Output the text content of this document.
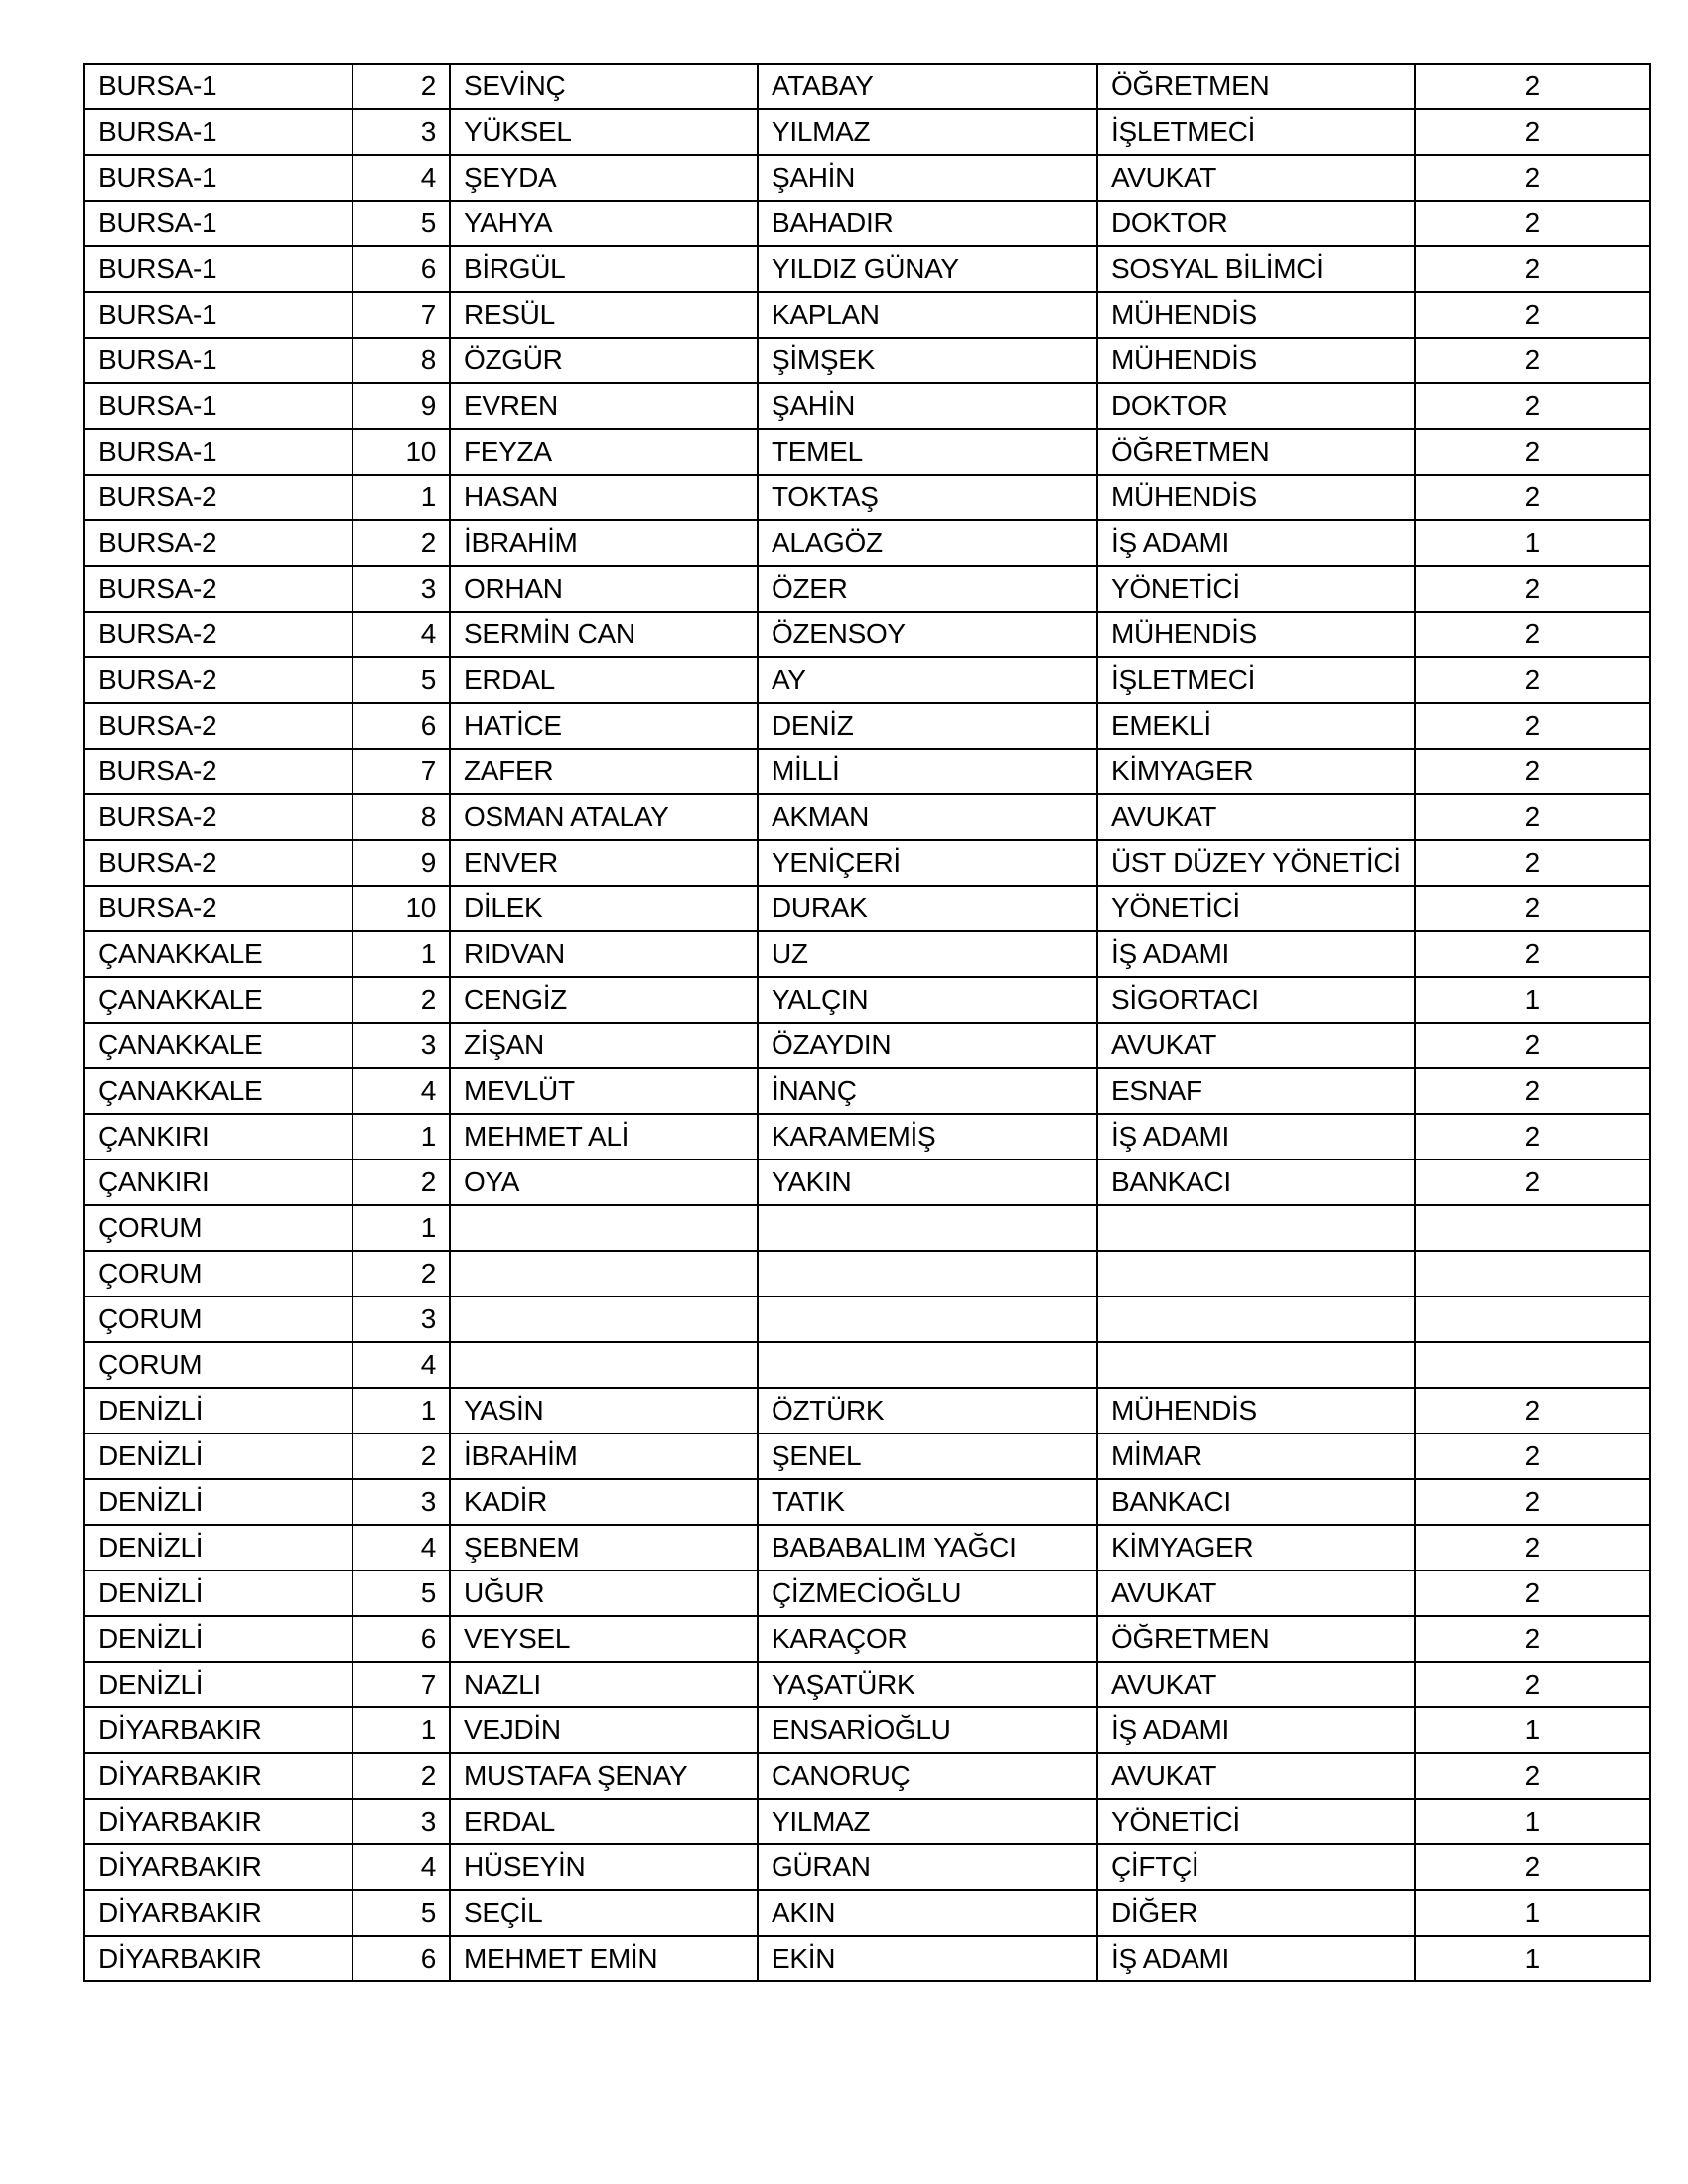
BURSA-1	2	SEVİNÇ	ATABAY	ÖĞRETMEN	2
BURSA-1	3	YÜKSEL	YILMAZ	İŞLETMECİ	2
BURSA-1	4	ŞEYDA	ŞAHİN	AVUKAT	2
BURSA-1	5	YAHYA	BAHADIR	DOKTOR	2
BURSA-1	6	BİRGÜL	YILDIZ GÜNAY	SOSYAL BİLİMCİ	2
BURSA-1	7	RESÜL	KAPLAN	MÜHENDİS	2
BURSA-1	8	ÖZGÜR	ŞİMŞEK	MÜHENDİS	2
BURSA-1	9	EVREN	ŞAHİN	DOKTOR	2
BURSA-1	10	FEYZA	TEMEL	ÖĞRETMEN	2
BURSA-2	1	HASAN	TOKTAŞ	MÜHENDİS	2
BURSA-2	2	İBRAHİM	ALAGÖZ	İŞ ADAMI	1
BURSA-2	3	ORHAN	ÖZER	YÖNETİCİ	2
BURSA-2	4	SERMİN CAN	ÖZENSOY	MÜHENDİS	2
BURSA-2	5	ERDAL	AY	İŞLETMECİ	2
BURSA-2	6	HATİCE	DENİZ	EMEKLİ	2
BURSA-2	7	ZAFER	MİLLİ	KİMYAGER	2
BURSA-2	8	OSMAN ATALAY	AKMAN	AVUKAT	2
BURSA-2	9	ENVER	YENİÇERİ	ÜST DÜZEY YÖNETİCİ	2
BURSA-2	10	DİLEK	DURAK	YÖNETİCİ	2
ÇANAKKALE	1	RIDVAN	UZ	İŞ ADAMI	2
ÇANAKKALE	2	CENGİZ	YALÇIN	SİGORTACI	1
ÇANAKKALE	3	ZİŞAN	ÖZAYDIN	AVUKAT	2
ÇANAKKALE	4	MEVLÜT	İNANÇ	ESNAF	2
ÇANKIRI	1	MEHMET ALİ	KARAMEMİŞ	İŞ ADAMI	2
ÇANKIRI	2	OYA	YAKIN	BANKACI	2
ÇORUM	1				
ÇORUM	2				
ÇORUM	3				
ÇORUM	4				
DENİZLİ	1	YASİN	ÖZTÜRK	MÜHENDİS	2
DENİZLİ	2	İBRAHİM	ŞENEL	MİMAR	2
DENİZLİ	3	KADİR	TATIK	BANKACI	2
DENİZLİ	4	ŞEBNEM	BABABALIM YAĞCI	KİMYAGER	2
DENİZLİ	5	UĞUR	ÇİZMECİOĞLU	AVUKAT	2
DENİZLİ	6	VEYSEL	KARAÇOR	ÖĞRETMEN	2
DENİZLİ	7	NAZLI	YAŞATÜRK	AVUKAT	2
DİYARBAKIR	1	VEJDİN	ENSARİOĞLU	İŞ ADAMI	1
DİYARBAKIR	2	MUSTAFA ŞENAY	CANORUÇ	AVUKAT	2
DİYARBAKIR	3	ERDAL	YILMAZ	YÖNETİCİ	1
DİYARBAKIR	4	HÜSEYİN	GÜRAN	ÇİFTÇİ	2
DİYARBAKIR	5	SEÇİL	AKIN	DİĞER	1
DİYARBAKIR	6	MEHMET EMİN	EKİN	İŞ ADAMI	1
